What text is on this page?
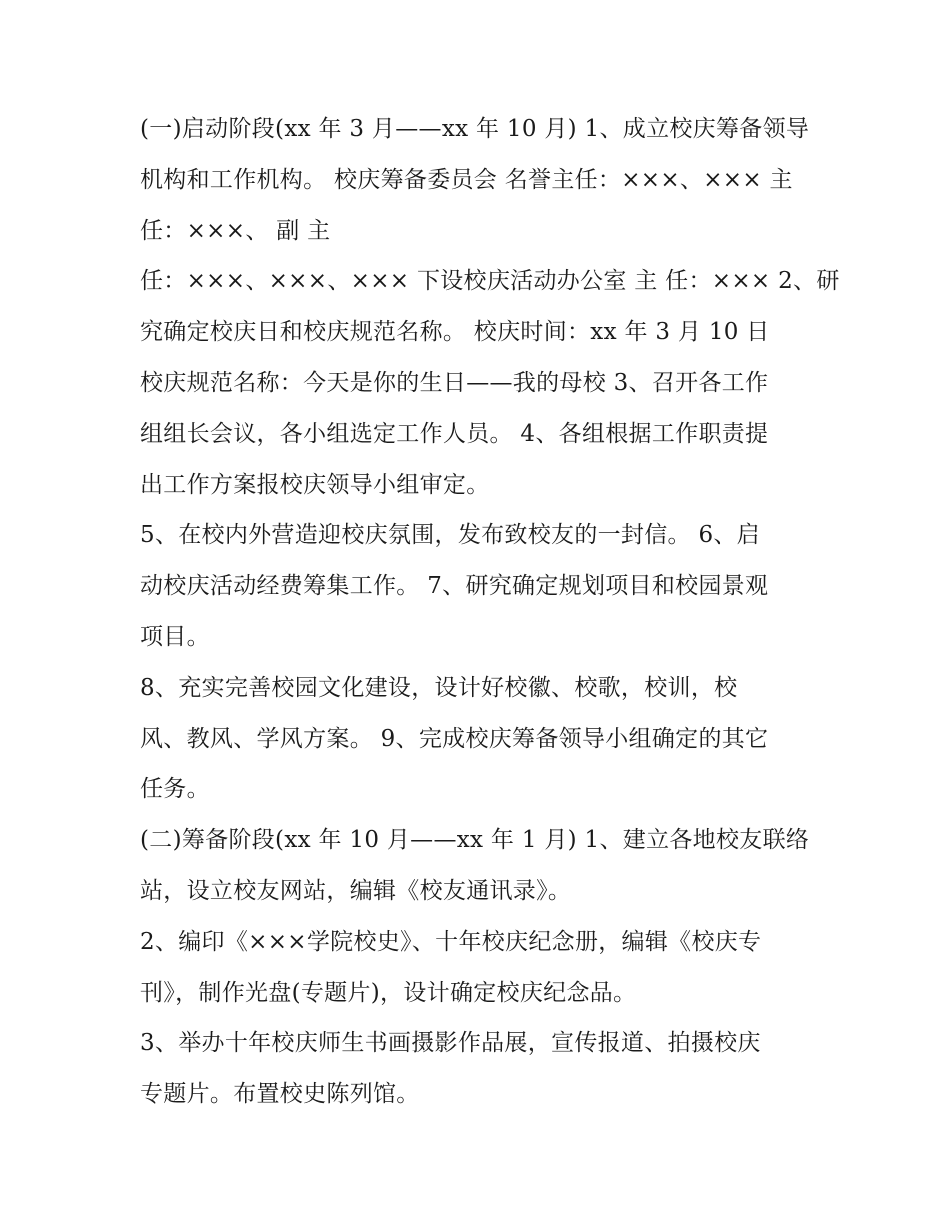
(一)启动阶段(xx 年 3 月——xx 年 10 月) 1、成立校庆筹备领导
机构和工作机构。 校庆筹备委员会 名誉主任：×××、××× 主
任：×××、 副 主
任：×××、×××、××× 下设校庆活动办公室 主 任：××× 2、研
究确定校庆日和校庆规范名称。 校庆时间：xx 年 3 月 10 日
校庆规范名称：今天是你的生日——我的母校 3、召开各工作
组组长会议，各小组选定工作人员。 4、各组根据工作职责提
出工作方案报校庆领导小组审定。
5、在校内外营造迎校庆氛围，发布致校友的一封信。 6、启
动校庆活动经费筹集工作。 7、研究确定规划项目和校园景观
项目。
8、充实完善校园文化建设，设计好校徽、校歌，校训，校
风、教风、学风方案。 9、完成校庆筹备领导小组确定的其它
任务。
(二)筹备阶段(xx 年 10 月——xx 年 1 月) 1、建立各地校友联络
站，设立校友网站，编辑《校友通讯录》。
2、编印《×××学院校史》、十年校庆纪念册，编辑《校庆专
刊》，制作光盘(专题片)，设计确定校庆纪念品。
3、举办十年校庆师生书画摄影作品展，宣传报道、拍摄校庆
专题片。布置校史陈列馆。
